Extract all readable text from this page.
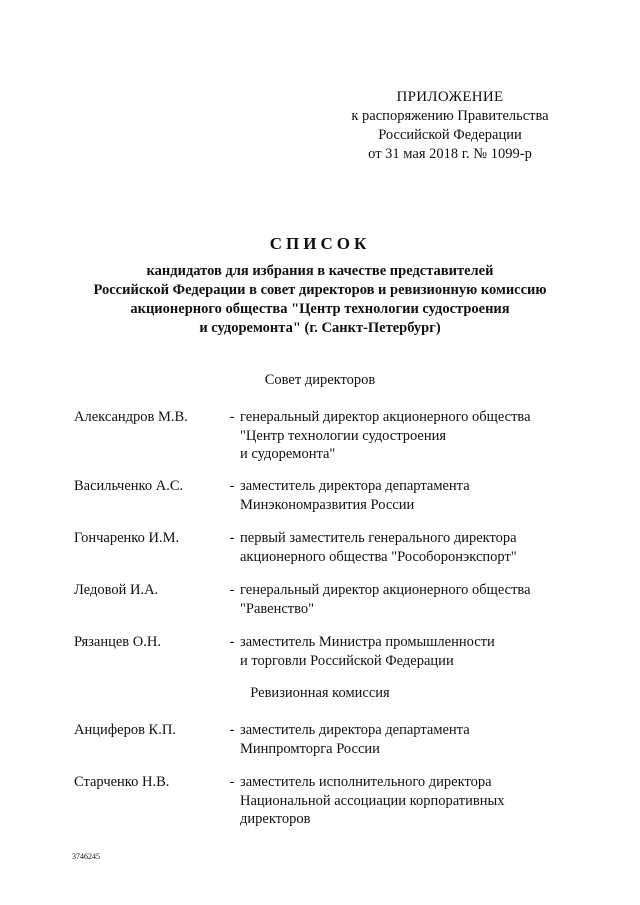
ПРИЛОЖЕНИЕ
к распоряжению Правительства
Российской Федерации
от 31 мая 2018 г. № 1099-р
СПИСОК
кандидатов для избрания в качестве представителей
Российской Федерации в совет директоров и ревизионную комиссию
акционерного общества "Центр технологии судостроения
и судоремонта" (г. Санкт-Петербург)
Совет директоров
Александров М.В.	- генеральный директор акционерного общества
"Центр технологии судостроения
и судоремонта"
Васильченко А.С.	- заместитель директора департамента
Минэкономразвития России
Гончаренко И.М.	- первый заместитель генерального директора
акционерного общества "Рособоронэкспорт"
Ледовой И.А.	- генеральный директор акционерного общества
"Равенство"
Рязанцев О.Н.	- заместитель Министра промышленности
и торговли Российской Федерации
Ревизионная комиссия
Анциферов К.П.	- заместитель директора департамента
Минпромторга России
Старченко Н.В.	- заместитель исполнительного директора
Национальной ассоциации корпоративных
директоров
3746245
